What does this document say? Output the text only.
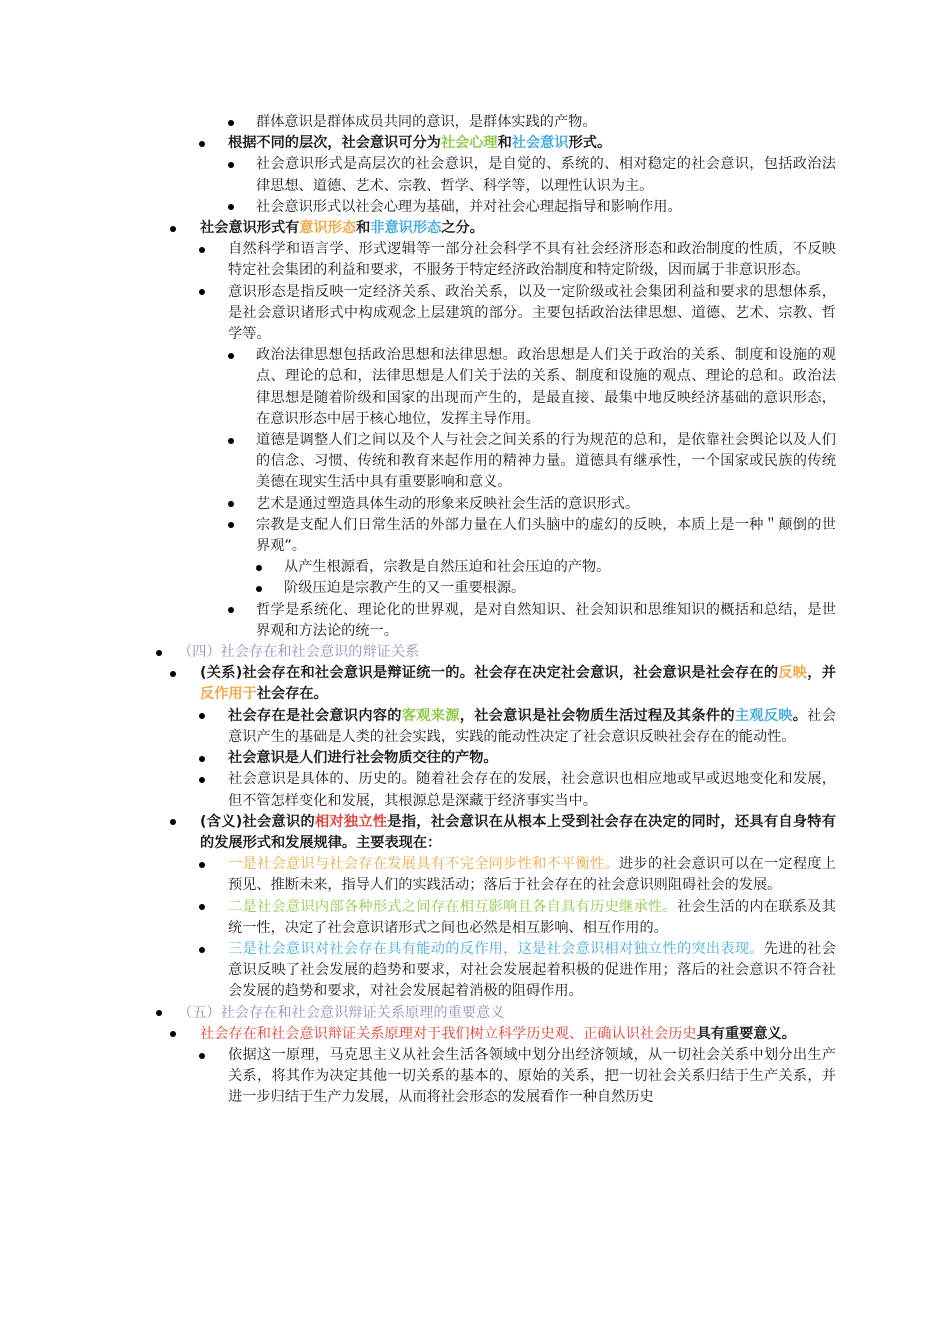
群体意识是群体成员共同的意识，是群体实践的产物。

根据不同的层次，社会意识可分为社会心理和社会意识形式。

社会意识形式是高层次的社会意识，是自觉的、系统的、相对稳定的社会意识，包括政治法律思想、道德、艺术、宗教、哲学、科学等，以理性认识为主。

社会意识形式以社会心理为基础，并对社会心理起指导和影响作用。

社会意识形式有意识形态和非意识形态之分。

自然科学和语言学、形式逻辑等一部分社会科学不具有社会经济形态和政治制度的性质，不反映特定社会集团的利益和要求，不服务于特定经济政治制度和特定阶级，因而属于非意识形态。

意识形态是指反映一定经济关系、政治关系，以及一定阶级或社会集团利益和要求的思想体系，是社会意识诸形式中构成观念上层建筑的部分。主要包括政治法律思想、道德、艺术、宗教、哲学等。

政治法律思想包括政治思想和法律思想。政治思想是人们关于政治的关系、制度和设施的观点、理论的总和，法律思想是人们关于法的关系、制度和设施的观点、理论的总和。政治法律思想是随着阶级和国家的出现而产生的，是最直接、最集中地反映经济基础的意识形态，在意识形态中居于核心地位，发挥主导作用。

道德是调整人们之间以及个人与社会之间关系的行为规范的总和，是依靠社会舆论以及人们的信念、习惯、传统和教育来起作用的精神力量。道德具有继承性，一个国家或民族的传统美德在现实生活中具有重要影响和意义。

艺术是通过塑造具体生动的形象来反映社会生活的意识形式。

宗教是支配人们日常生活的外部力量在人们头脑中的虚幻的反映，本质上是一种＂颠倒的世界观”。

从产生根源看，宗教是自然压迫和社会压迫的产物。

阶级压迫是宗教产生的又一重要根源。

哲学是系统化、理论化的世界观，是对自然知识、社会知识和思维知识的概括和总结，是世界观和方法论的统一。

（四）社会存在和社会意识的辩证关系

(关系)社会存在和社会意识是辩证统一的。社会存在决定社会意识，社会意识是社会存在的反映，并反作用于社会存在。

社会存在是社会意识内容的客观来源，社会意识是社会物质生活过程及其条件的主观反映。社会意识产生的基础是人类的社会实践，实践的能动性决定了社会意识反映社会存在的能动性。

社会意识是人们进行社会物质交往的产物。

社会意识是具体的、历史的。随着社会存在的发展，社会意识也相应地或早或迟地变化和发展，但不管怎样变化和发展，其根源总是深藏于经济事实当中。

(含义)社会意识的相对独立性是指，社会意识在从根本上受到社会存在决定的同时，还具有自身特有的发展形式和发展规律。主要表现在：

一是社会意识与社会存在发展具有不完全同步性和不平衡性。进步的社会意识可以在一定程度上预见、推断未来，指导人们的实践活动；落后于社会存在的社会意识则阻碍社会的发展。

二是社会意识内部各种形式之间存在相互影响且各自具有历史继承性。社会生活的内在联系及其统一性，决定了社会意识诸形式之间也必然是相互影响、相互作用的。

三是社会意识对社会存在具有能动的反作用，这是社会意识相对独立性的突出表现。先进的社会意识反映了社会发展的趋势和要求，对社会发展起着积极的促进作用；落后的社会意识不符合社会发展的趋势和要求，对社会发展起着消极的阻碍作用。

（五）社会存在和社会意识辩证关系原理的重要意义

社会存在和社会意识辩证关系原理对于我们树立科学历史观、正确认识社会历史具有重要意义。

依据这一原理，马克思主义从社会生活各领域中划分出经济领域，从一切社会关系中划分出生产关系，将其作为决定其他一切关系的基本的、原始的关系，把一切社会关系归结于生产关系，并进一步归结于生产力发展，从而将社会形态的发展看作一种自然历史
